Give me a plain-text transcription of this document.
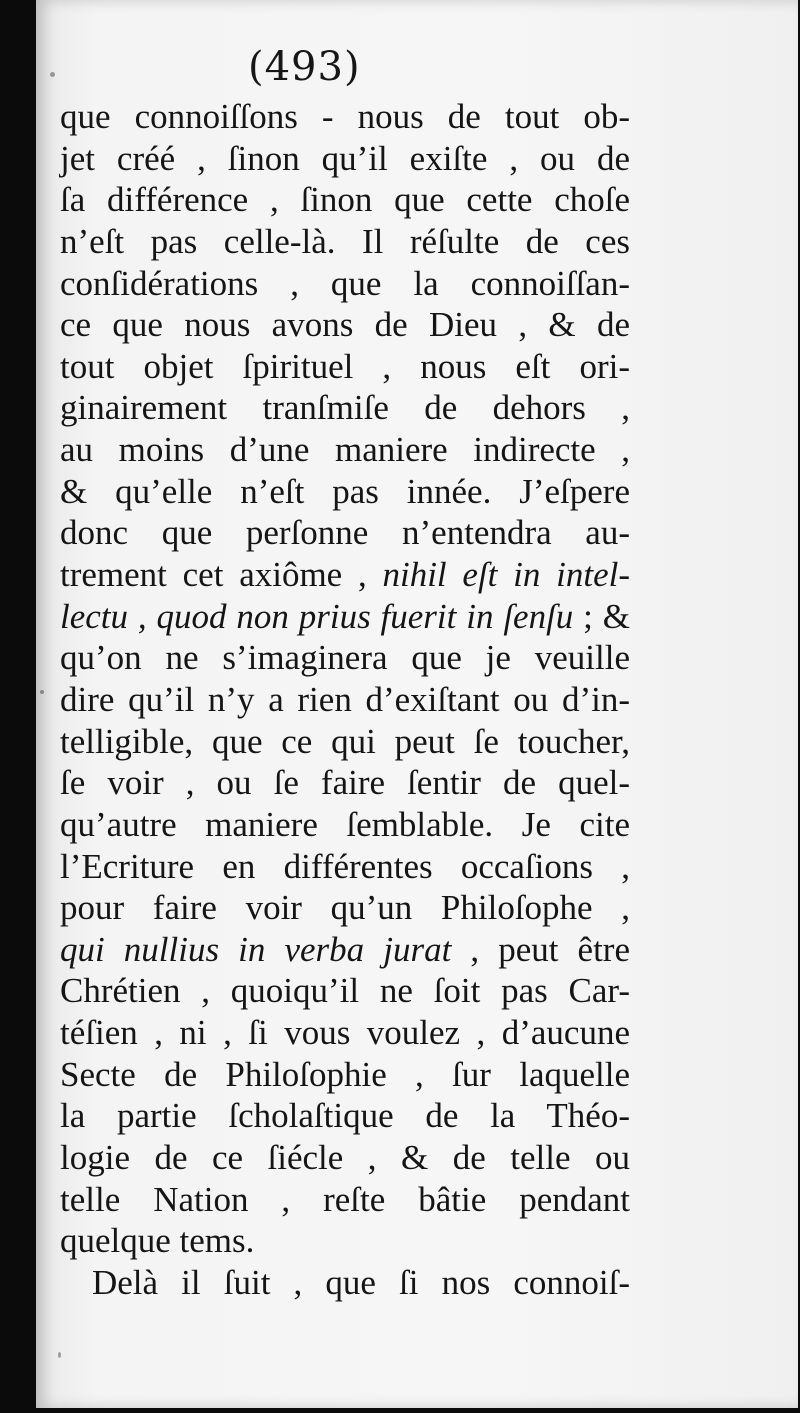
(493)
que connoiſſons - nous de tout ob-
jet créé , ſinon qu’il exiſte , ou de
ſa différence , ſinon que cette choſe
n’eſt pas celle-là. Il réſulte de ces
conſidérations , que la connoiſſan-
ce que nous avons de Dieu , & de
tout objet ſpirituel , nous eſt ori-
ginairement tranſmiſe de dehors ,
au moins d’une maniere indirecte ,
& qu’elle n’eſt pas innée. J’eſpere
donc que perſonne n’entendra au-
trement cet axiôme , nihil eſt in intel-
lectu , quod non prius fuerit in ſenſu ; &
qu’on ne s’imaginera que je veuille
dire qu’il n’y a rien d’exiſtant ou d’in-
telligible, que ce qui peut ſe toucher,
ſe voir , ou ſe faire ſentir de quel-
qu’autre maniere ſemblable. Je cite
l’Ecriture en différentes occaſions ,
pour faire voir qu’un Philoſophe ,
qui nullius in verba jurat , peut être
Chrétien , quoiqu’il ne ſoit pas Car-
téſien , ni , ſi vous voulez , d’aucune
Secte de Philoſophie , ſur laquelle
la partie ſcholaſtique de la Théo-
logie de ce ſiécle , & de telle ou
telle Nation , reſte bâtie pendant
quelque tems.
Delà il ſuit , que ſi nos connoiſ-
